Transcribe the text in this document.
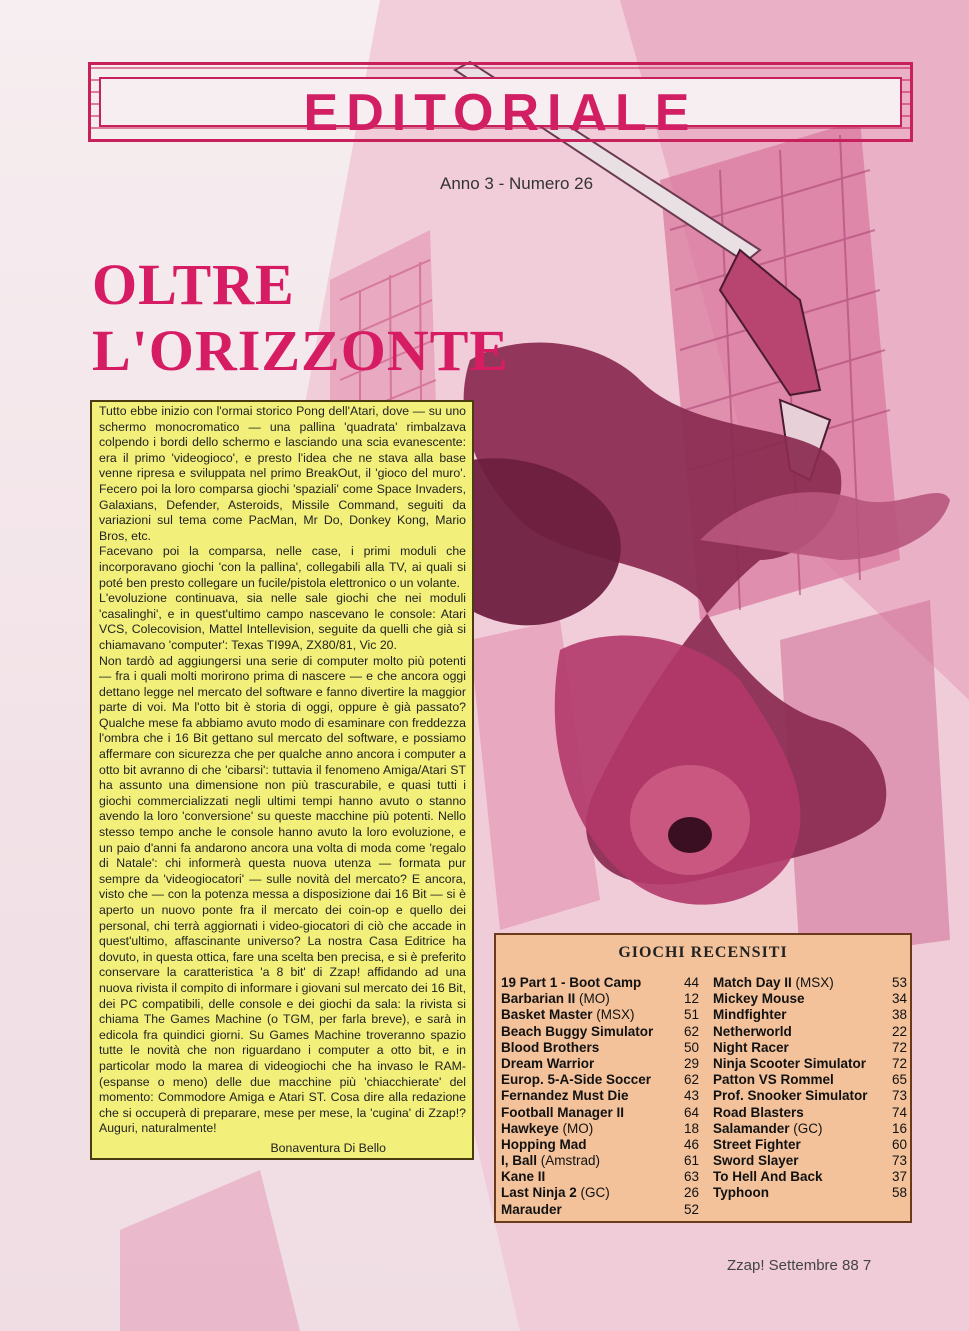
EDITORIALE
Anno 3 - Numero 26
OLTRE
L'ORIZZONTE

Tutto ebbe inizio con l'ormai storico Pong dell'Atari, dove — su uno schermo monocromatico — una pallina 'quadrata' rimbalzava colpendo i bordi dello schermo e lasciando una scia evanescente: era il primo 'videogioco', e presto l'idea che ne stava alla base venne ripresa e sviluppata nel primo BreakOut, il 'gioco del muro'. Fecero poi la loro comparsa giochi 'spaziali' come Space Invaders, Galaxians, Defender, Asteroids, Missile Command, seguiti da variazioni sul tema come PacMan, Mr Do, Donkey Kong, Mario Bros, etc.

Facevano poi la comparsa, nelle case, i primi moduli che incorporavano giochi 'con la pallina', collegabili alla TV, ai quali si poté ben presto collegare un fucile/pistola elettronico o un volante.

L'evoluzione continuava, sia nelle sale giochi che nei moduli 'casalinghi', e in quest'ultimo campo nascevano le console: Atari VCS, Colecovision, Mattel Intellevision, seguite da quelli che già si chiamavano 'computer': Texas TI99A, ZX80/81, Vic 20.

Non tardò ad aggiungersi una serie di computer molto più potenti — fra i quali molti morirono prima di nascere — e che ancora oggi dettano legge nel mercato del software e fanno divertire la maggior parte di voi. Ma l'otto bit è storia di oggi, oppure è già passato? Qualche mese fa abbiamo avuto modo di esaminare con freddezza l'ombra che i 16 Bit gettano sul mercato del software, e possiamo affermare con sicurezza che per qualche anno ancora i computer a otto bit avranno di che 'cibarsi': tuttavia il fenomeno Amiga/Atari ST ha assunto una dimensione non più trascurabile, e quasi tutti i giochi commercializzati negli ultimi tempi hanno avuto o stanno avendo la loro 'conversione' su queste macchine più potenti. Nello stesso tempo anche le console hanno avuto la loro evoluzione, e un paio d'anni fa andarono ancora una volta di moda come 'regalo di Natale': chi informerà questa nuova utenza — formata pur sempre da 'videogiocatori' — sulle novità del mercato? E ancora, visto che — con la potenza messa a disposizione dai 16 Bit — si è aperto un nuovo ponte fra il mercato dei coin-op e quello dei personal, chi terrà aggiornati i video-giocatori di ciò che accade in quest'ultimo, affascinante universo? La nostra Casa Editrice ha dovuto, in questa ottica, fare una scelta ben precisa, e si è preferito conservare la caratteristica 'a 8 bit' di Zzap! affidando ad una nuova rivista il compito di informare i giovani sul mercato dei 16 Bit, dei PC compatibili, delle console e dei giochi da sala: la rivista si chiama The Games Machine (o TGM, per farla breve), e sarà in edicola fra quindici giorni. Su Games Machine troveranno spazio tutte le novità che non riguardano i computer a otto bit, e in particolar modo la marea di videogiochi che ha invaso le RAM-(espanse o meno) delle due macchine più 'chiacchierate' del momento: Commodore Amiga e Atari ST. Cosa dire alla redazione che si occuperà di preparare, mese per mese, la 'cugina' di Zzap!? Auguri, naturalmente!

Bonaventura Di Bello

GIOCHI RECENSITI
19 Part 1 - Boot Camp	44
Barbarian II (MO)	12
Basket Master (MSX)	51
Beach Buggy Simulator 62
Blood Brothers	50
Dream Warrior	29
Europ. 5-A-Side Soccer 62
Fernandez Must Die	43
Football Manager II	64
Hawkeye (MO)	18
Hopping Mad	46
I, Ball (Amstrad)	61
Kane II	63
Last Ninja 2 (GC)	26
Marauder	52
Match Day II (MSX)	53
Mickey Mouse	34
Mindfighter	38
Netherworld	22
Night Racer	72
Ninja Scooter Simulator 72
Patton VS Rommel	65
Prof. Snooker Simulator 73
Road Blasters	74
Salamander (GC)	16
Street Fighter	60
Sword Slayer	73
To Hell And Back	37
Typhoon	58
Zzap! Settembre 88 7
